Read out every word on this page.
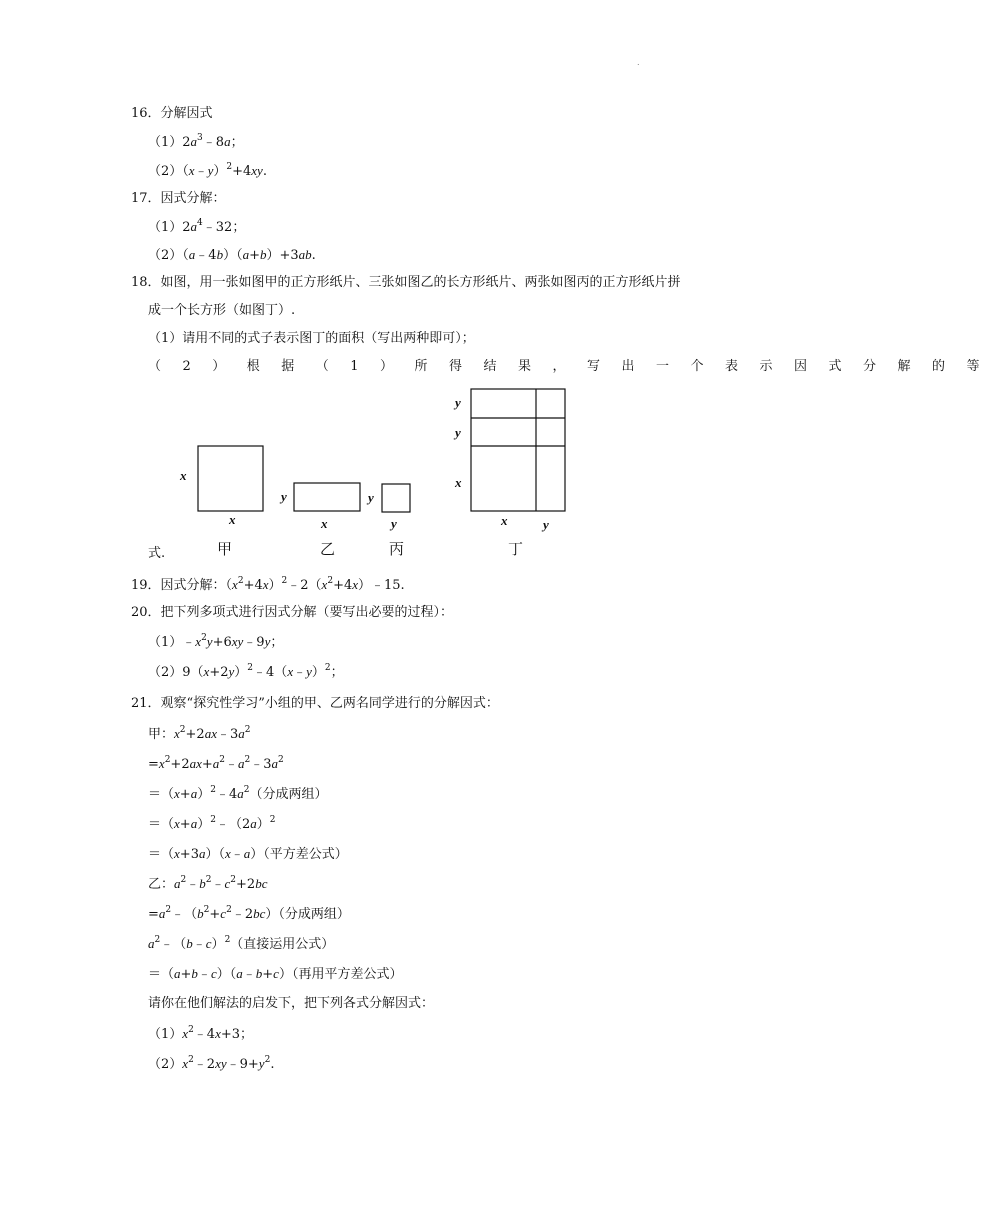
.
16．分解因式
$(1)2a^3﹣8a$；
（2）（x﹣y）$^2$+4xy.
17．因式分解：
$(1)2a^4﹣32$；
（2）（a﹣4b）（a+b）+3ab.
18．如图，用一张如图甲的正方形纸片、三张如图乙的长方形纸片、两张如图丙的正方形纸片拼
成一个长方形（如图丁）.
（1）请用不同的式子表示图丁的面积（写出两种即可）；
（2）根据（1）所得结果，写出一个表示因式分解的等
式.
x
x
y
x
y
y
y
y
x
x	y
甲	乙	丙	丁
19．因式分解：$(x^2+4x)^2﹣2(x^2+4x)﹣15$.
20．把下列多项式进行因式分解（要写出必要的过程）：
$(1)﹣x^2y+6xy﹣9y$；
$(2)9(x+2y)^2﹣4(x﹣y)^2$；
21．观察“探究性学习”小组的甲、乙两名同学进行的分解因式：
甲：$x^2+2ax﹣3a^2$
$=x^2+2ax+a^2﹣a^2﹣3a^2$
$=(x+a)^2﹣4a^2$（分成两组）
$=(x+a)^2﹣(2a)^2$
＝（x+3a）（x﹣a）（平方差公式）
乙：$a^2﹣b^2﹣c^2+2bc$
$=a^2﹣(b^2+c^2﹣2bc)$（分成两组）
$a^2﹣(b﹣c)^2$（直接运用公式）
＝（a+b﹣c）（a﹣b+c）（再用平方差公式）
请你在他们解法的启发下，把下列各式分解因式：
$(1)x^2﹣4x+3$；
$(2)x^2﹣2xy﹣9+y^2$.
